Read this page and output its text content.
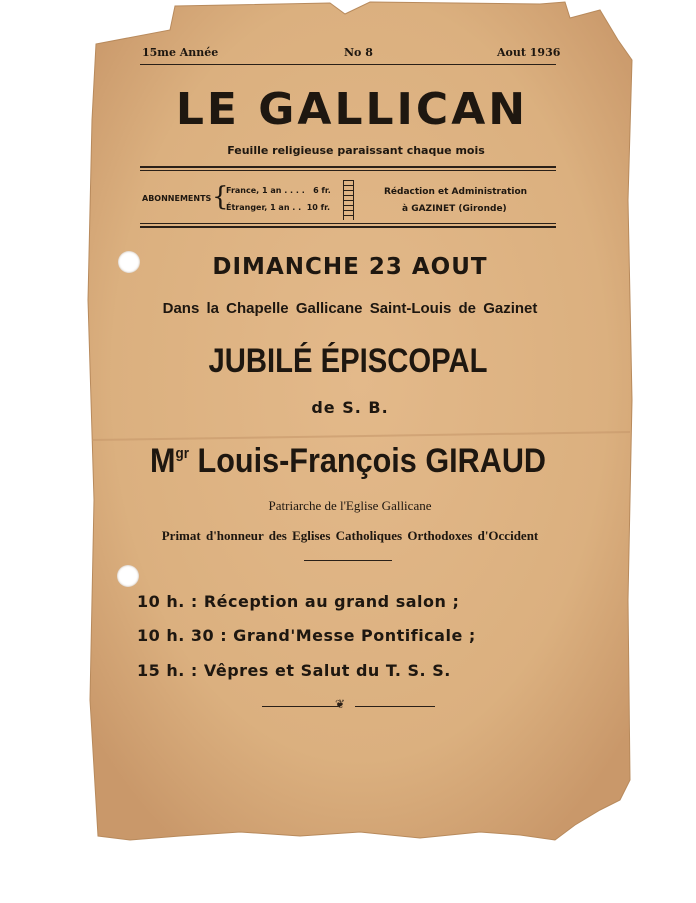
15me Année	No 8	Aout 1936
LE GALLICAN
Feuille religieuse paraissant chaque mois
ABONNEMENTS {
France, 1 an . . . .   6 fr.
Étranger, 1 an . .  10 fr.
Rédaction et Administration
à GAZINET (Gironde)
DIMANCHE 23 AOUT
Dans la Chapelle Gallicane Saint-Louis de Gazinet
JUBILÉ ÉPISCOPAL
de S. B.
$M^{gr}$ Louis-François GIRAUD
Patriarche de l'Eglise Gallicane
Primat d'honneur des Eglises Catholiques Orthodoxes d'Occident
10 h. : Réception au grand salon ;
10 h. 30 : Grand'Messe Pontificale ;
15 h. : Vêpres et Salut du T. S. S.
❦
